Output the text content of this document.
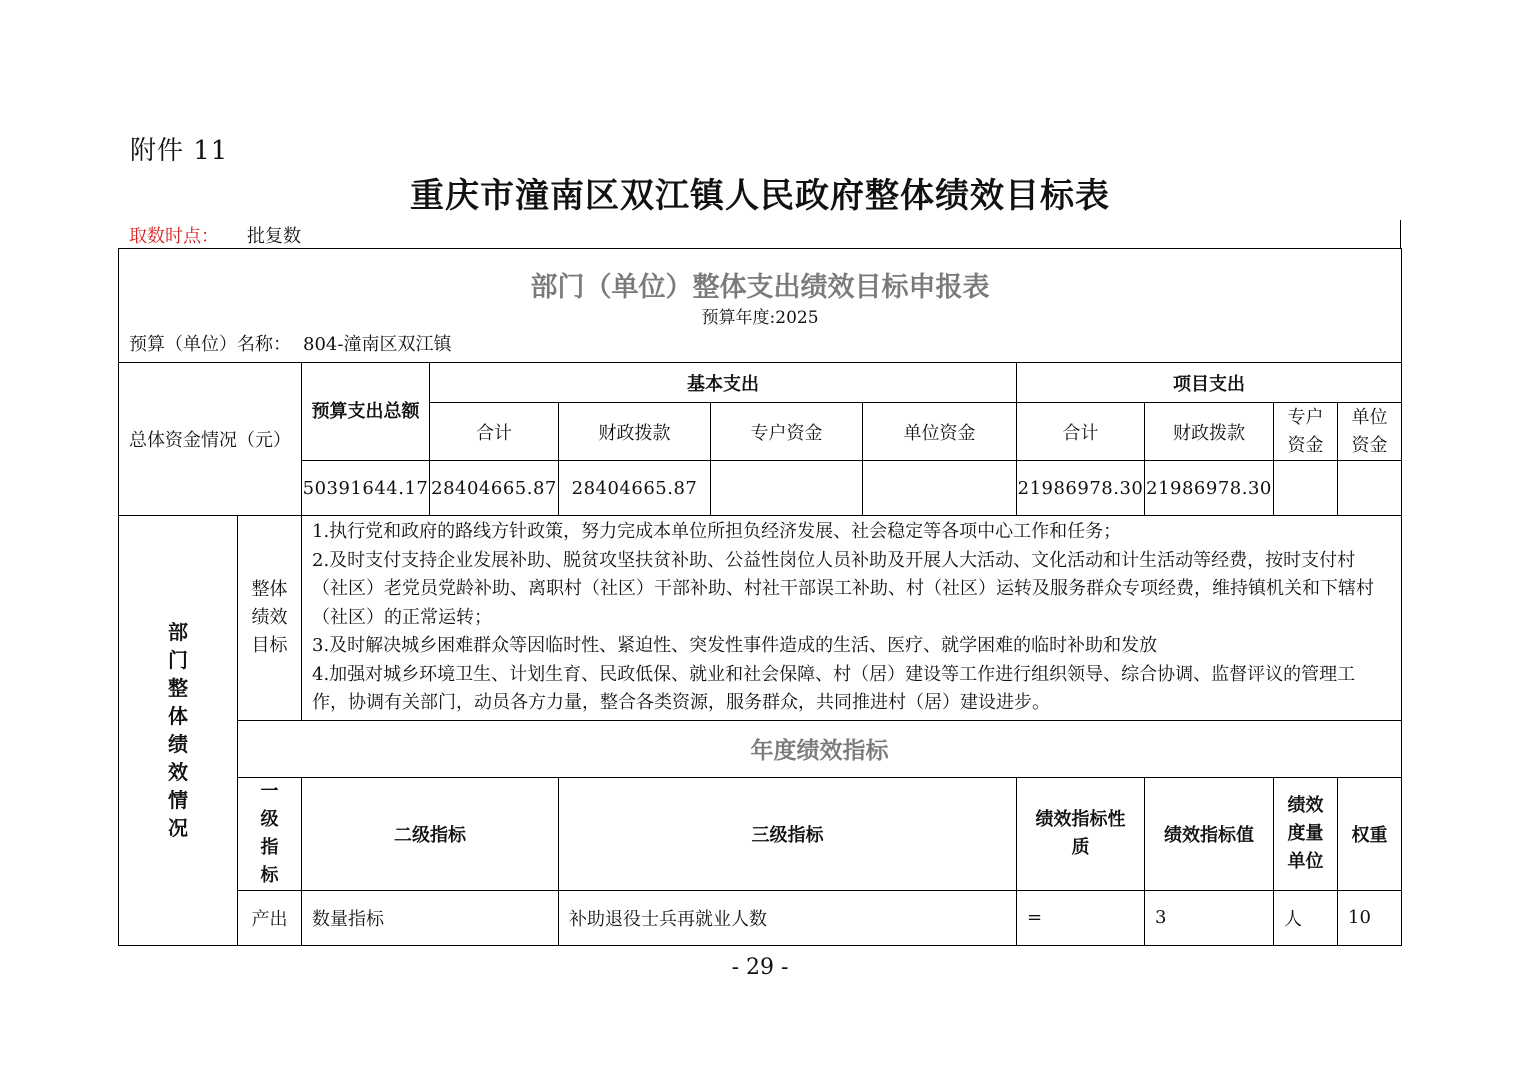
附件 11
重庆市潼南区双江镇人民政府整体绩效目标表
取数时点： 批复数
部门（单位）整体支出绩效目标申报表
预算年度:2025
预算（单位）名称： 804-潼南区双江镇										

总体资金情况（元）		预算支出总额	基本支出				项目支出			
			合计	财政拨款	专户资金	单位资金	合计	财政拨款	专户资金	单位资金
		50391644.17	28404665.87	28404665.87			21986978.30	21986978.30		
部门整体绩效情况	整体绩效目标	1.执行党和政府的路线方针政策，努力完成本单位所担负经济发展、社会稳定等各项中心工作和任务；
2.及时支付支持企业发展补助、脱贫攻坚扶贫补助、公益性岗位人员补助及开展人大活动、文化活动和计生活动等经费，按时支付村（社区）老党员党龄补助、离职村（社区）干部补助、村社干部误工补助、村（社区）运转及服务群众专项经费，维持镇机关和下辖村（社区）的正常运转；
3.及时解决城乡困难群众等因临时性、紧迫性、突发性事件造成的生活、医疗、就学困难的临时补助和发放
4.加强对城乡环境卫生、计划生育、民政低保、就业和社会保障、村（居）建设等工作进行组织领导、综合协调、监督评议的管理工作，协调有关部门，动员各方力量，整合各类资源，服务群众，共同推进村（居）建设进步。								

	年度绩效指标									
	一级指标	二级指标		三级指标			绩效指标性质	绩效指标值	绩效度量单位	权重
	产出	数量指标		补助退役士兵再就业人数			=	3	人	10
- 29 -
